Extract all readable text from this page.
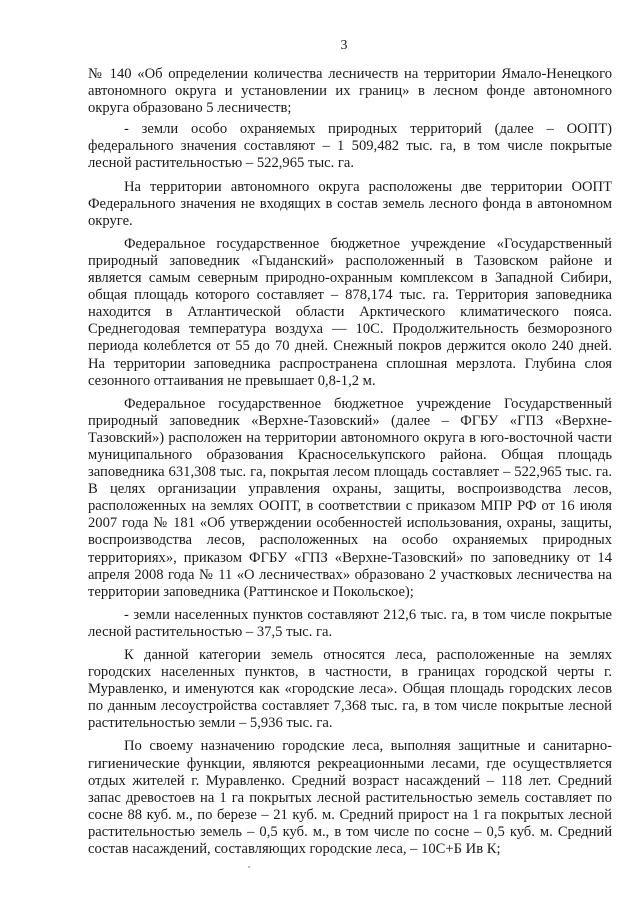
3

№ 140 «Об определении количества лесничеств на территории Ямало-Ненецкого автономного округа и установлении их границ» в лесном фонде автономного округа образовано 5 лесничеств;

- земли особо охраняемых природных территорий (далее – ООПТ) федерального значения составляют – 1 509,482 тыс. га, в том числе покрытые лесной растительностью – 522,965 тыс. га.

На территории автономного округа расположены две территории ООПТ Федерального значения не входящих в состав земель лесного фонда в автономном округе.

Федеральное государственное бюджетное учреждение «Государственный природный заповедник «Гыданский» расположенный в Тазовском районе и является самым северным природно-охранным комплексом в Западной Сибири, общая площадь которого составляет – 878,174 тыс. га. Территория заповедника находится в Атлантической области Арктического климатического пояса. Среднегодовая температура воздуха — 10С. Продолжительность безморозного периода колеблется от 55 до 70 дней. Снежный покров держится около 240 дней. На территории заповедника распространена сплошная мерзлота. Глубина слоя сезонного оттаивания не превышает 0,8-1,2 м.

Федеральное государственное бюджетное учреждение Государственный природный заповедник «Верхне-Тазовский» (далее – ФГБУ «ГПЗ «Верхне-Тазовский») расположен на территории автономного округа в юго-восточной части муниципального образования Красноселькупского района. Общая площадь заповедника 631,308 тыс. га, покрытая лесом площадь составляет – 522,965 тыс. га. В целях организации управления охраны, защиты, воспроизводства лесов, расположенных на землях ООПТ, в соответствии с приказом МПР РФ от 16 июля 2007 года № 181 «Об утверждении особенностей использования, охраны, защиты, воспроизводства лесов, расположенных на особо охраняемых природных территориях», приказом ФГБУ «ГПЗ «Верхне-Тазовский» по заповеднику от 14 апреля 2008 года № 11 «О лесничествах» образовано 2 участковых лесничества на территории заповедника (Раттинское и Покольское);

- земли населенных пунктов составляют 212,6 тыс. га, в том числе покрытые лесной растительностью – 37,5 тыс. га.

К данной категории земель относятся леса, расположенные на землях городских населенных пунктов, в частности, в границах городской черты г. Муравленко, и именуются как «городские леса». Общая площадь городских лесов по данным лесоустройства составляет 7,368 тыс. га, в том числе покрытые лесной растительностью земли – 5,936 тыс. га.

По своему назначению городские леса, выполняя защитные и санитарно-гигиенические функции, являются рекреационными лесами, где осуществляется отдых жителей г. Муравленко. Средний возраст насаждений – 118 лет. Средний запас древостоев на 1 га покрытых лесной растительностью земель составляет по сосне 88 куб. м., по березе – 21 куб. м. Средний прирост на 1 га покрытых лесной растительностью земель – 0,5 куб. м., в том числе по сосне – 0,5 куб. м. Средний состав насаждений, составляющих городские леса, – 10С+Б Ив К;
